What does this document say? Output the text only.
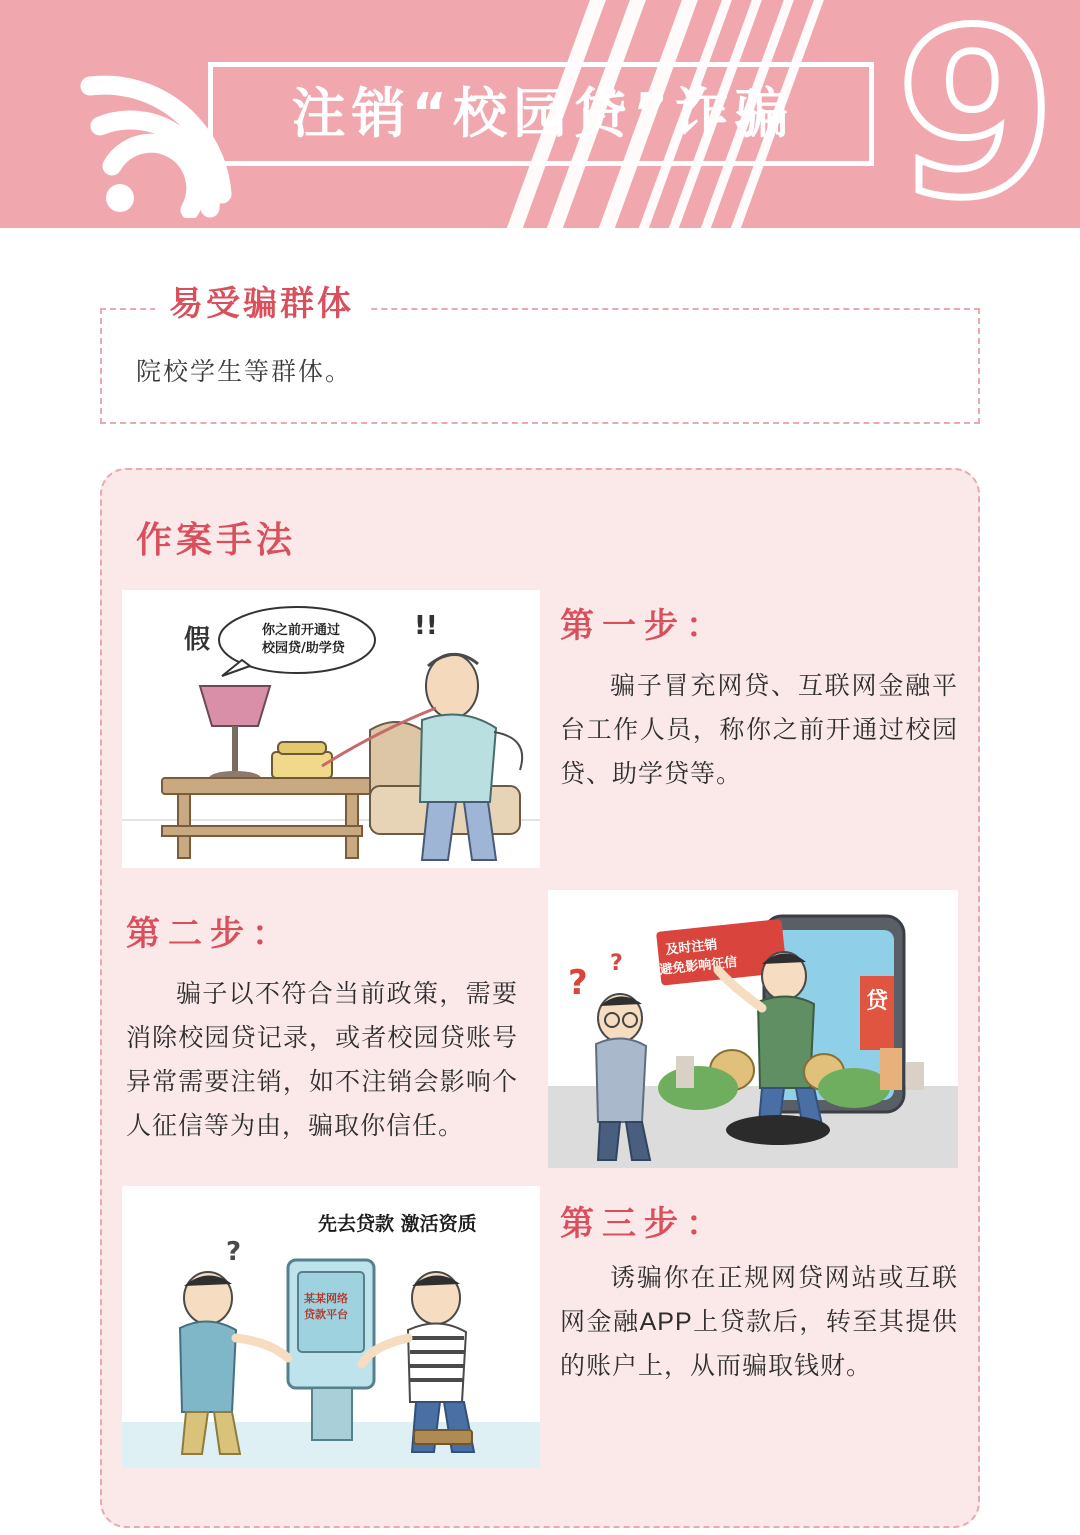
9
注销“校园贷”诈骗
易受骗群体
院校学生等群体。
作案手法
你之前开通过
校园贷/助学贷
假	!!	第一步：
骗子冒充网贷、互联网金融平台工作人员，称你之前开通过校园贷、助学贷等。
贷
及时注销
避免影响征信
? ?
第二步：
骗子以不符合当前政策，需要消除校园贷记录，或者校园贷账号异常需要注销，如不注销会影响个人征信等为由，骗取你信任。
先去贷款 激活资质
某某网络
贷款平台
?
第三步：
诱骗你在正规网贷网站或互联网金融APP上贷款后，转至其提供的账户上，从而骗取钱财。
